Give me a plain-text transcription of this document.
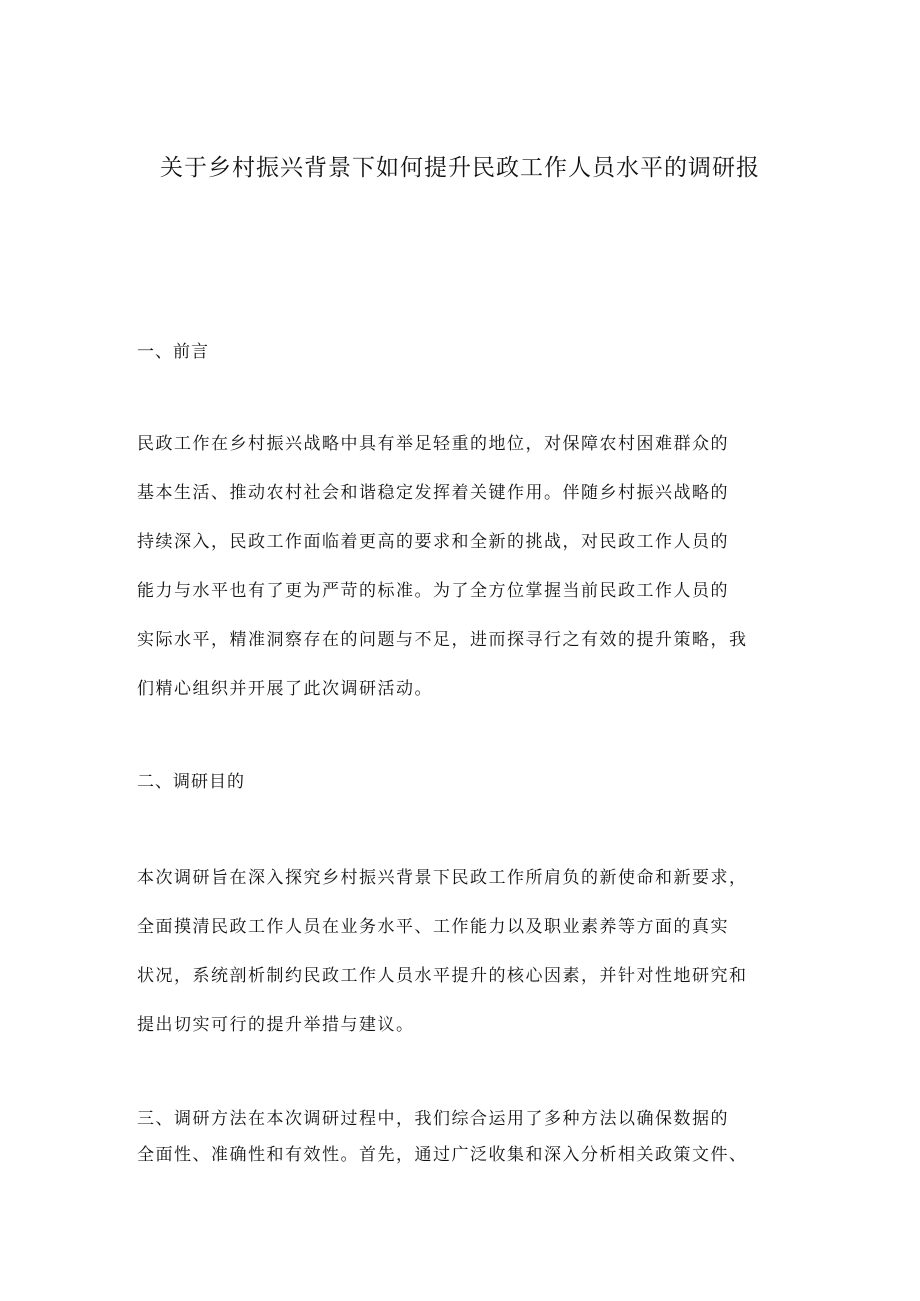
关于乡村振兴背景下如何提升民政工作人员水平的调研报
一、前言
民政工作在乡村振兴战略中具有举足轻重的地位，对保障农村困难群众的
基本生活、推动农村社会和谐稳定发挥着关键作用。伴随乡村振兴战略的
持续深入，民政工作面临着更高的要求和全新的挑战，对民政工作人员的
能力与水平也有了更为严苛的标准。为了全方位掌握当前民政工作人员的
实际水平，精准洞察存在的问题与不足，进而探寻行之有效的提升策略，我
们精心组织并开展了此次调研活动。
二、调研目的
本次调研旨在深入探究乡村振兴背景下民政工作所肩负的新使命和新要求，
全面摸清民政工作人员在业务水平、工作能力以及职业素养等方面的真实
状况，系统剖析制约民政工作人员水平提升的核心因素，并针对性地研究和
提出切实可行的提升举措与建议。
三、调研方法在本次调研过程中，我们综合运用了多种方法以确保数据的
全面性、准确性和有效性。首先，通过广泛收集和深入分析相关政策文件、
